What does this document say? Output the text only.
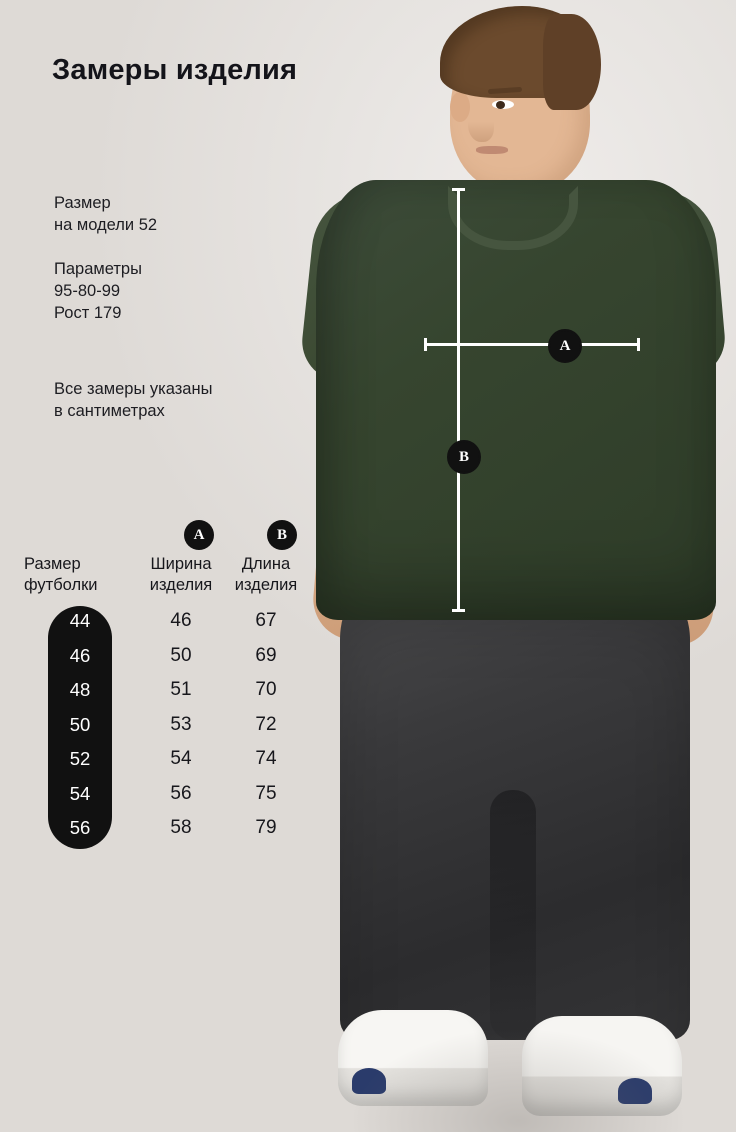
A
B
Замеры изделия
Размер
на модели 52
Параметры
95-80-99
Рост 179
Все замеры указаны
в сантиметрах
A	B
Размер
футболки
Ширина
изделия
Длина
изделия
44	46	67
46	50	69
48	51	70
50	53	72
52	54	74
54	56	75
56	58	79
